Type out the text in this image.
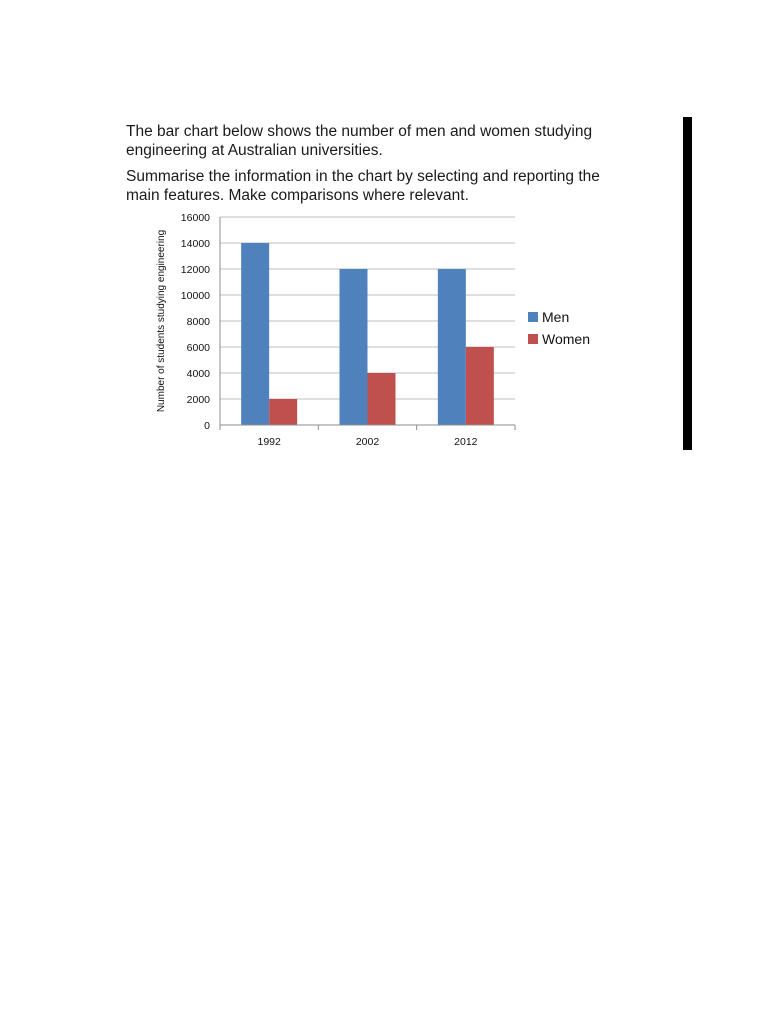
The bar chart below shows the number of men and women studying
engineering at Australian universities.
Summarise the information in the chart by selecting and reporting the
main features. Make comparisons where relevant.
0
2000
4000
6000
8000
10000
12000
14000
16000
1992	2002	2012
Number of students studying engineering	Men
Women
